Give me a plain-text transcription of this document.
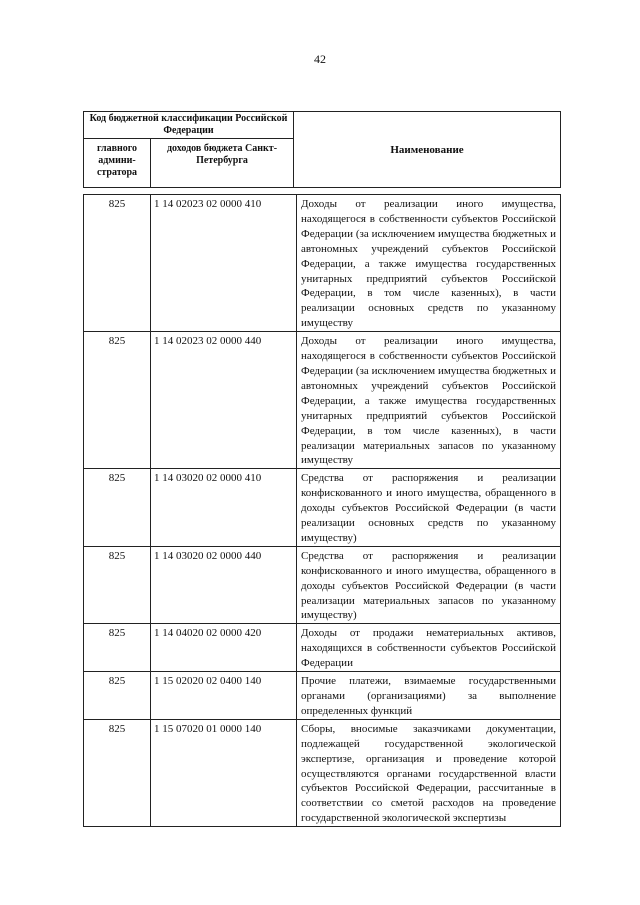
42
Код бюджетной классификации Российской Федерации		Наименование
главного админи-стратора	доходов бюджета Санкт-Петербурга	
825	1 14 02023 02 0000 410	Доходы от реализации иного имущества, находящегося в собственности субъектов Российской Федерации (за исключением имущества бюджетных и автономных учреждений субъектов Российской Федерации, а также имущества государственных унитарных предприятий субъектов Российской Федерации, в том числе казенных), в части реализации основных средств по указанному имуществу
825	1 14 02023 02 0000 440	Доходы от реализации иного имущества, находящегося в собственности субъектов Российской Федерации (за исключением имущества бюджетных и автономных учреждений субъектов Российской Федерации, а также имущества государственных унитарных предприятий субъектов Российской Федерации, в том числе казенных), в части реализации материальных запасов по указанному имуществу
825	1 14 03020 02 0000 410	Средства от распоряжения и реализации конфискованного и иного имущества, обращенного в доходы субъектов Российской Федерации (в части реализации основных средств по указанному имуществу)
825	1 14 03020 02 0000 440	Средства от распоряжения и реализации конфискованного и иного имущества, обращенного в доходы субъектов Российской Федерации (в части реализации материальных запасов по указанному имуществу)
825	1 14 04020 02 0000 420	Доходы от продажи нематериальных активов, находящихся в собственности субъектов Российской Федерации
825	1 15 02020 02 0400 140	Прочие платежи, взимаемые государственными органами (организациями) за выполнение определенных функций
825	1 15 07020 01 0000 140	Сборы, вносимые заказчиками документации, подлежащей государственной экологической экспертизе, организация и проведение которой осуществляются органами государственной власти субъектов Российской Федерации, рассчитанные в соответствии со сметой расходов на проведение государственной экологической экспертизы
